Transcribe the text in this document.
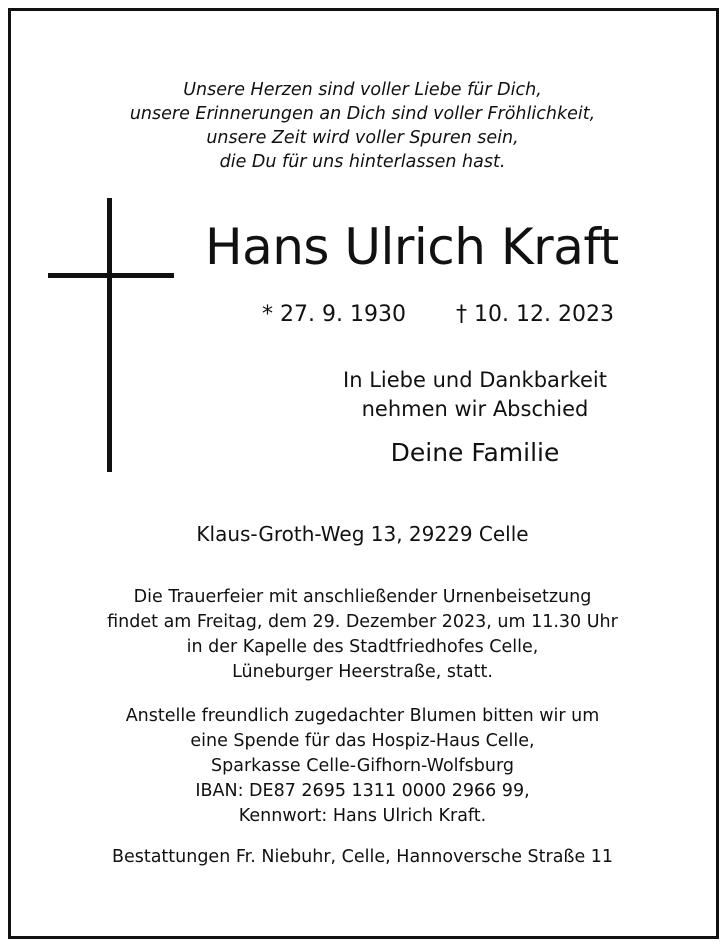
Unsere Herzen sind voller Liebe für Dich,
unsere Erinnerungen an Dich sind voller Fröhlichkeit,
unsere Zeit wird voller Spuren sein,
die Du für uns hinterlassen hast.
Hans Ulrich Kraft
* 27. 9. 1930 † 10. 12. 2023
In Liebe und Dankbarkeit
nehmen wir Abschied
Deine Familie
Klaus-Groth-Weg 13, 29229 Celle
Die Trauerfeier mit anschließender Urnenbeisetzung
findet am Freitag, dem 29. Dezember 2023, um 11.30 Uhr
in der Kapelle des Stadtfriedhofes Celle,
Lüneburger Heerstraße, statt.
Anstelle freundlich zugedachter Blumen bitten wir um
eine Spende für das Hospiz-Haus Celle,
Sparkasse Celle-Gifhorn-Wolfsburg
IBAN: DE87 2695 1311 0000 2966 99,
Kennwort: Hans Ulrich Kraft.
Bestattungen Fr. Niebuhr, Celle, Hannoversche Straße 11
